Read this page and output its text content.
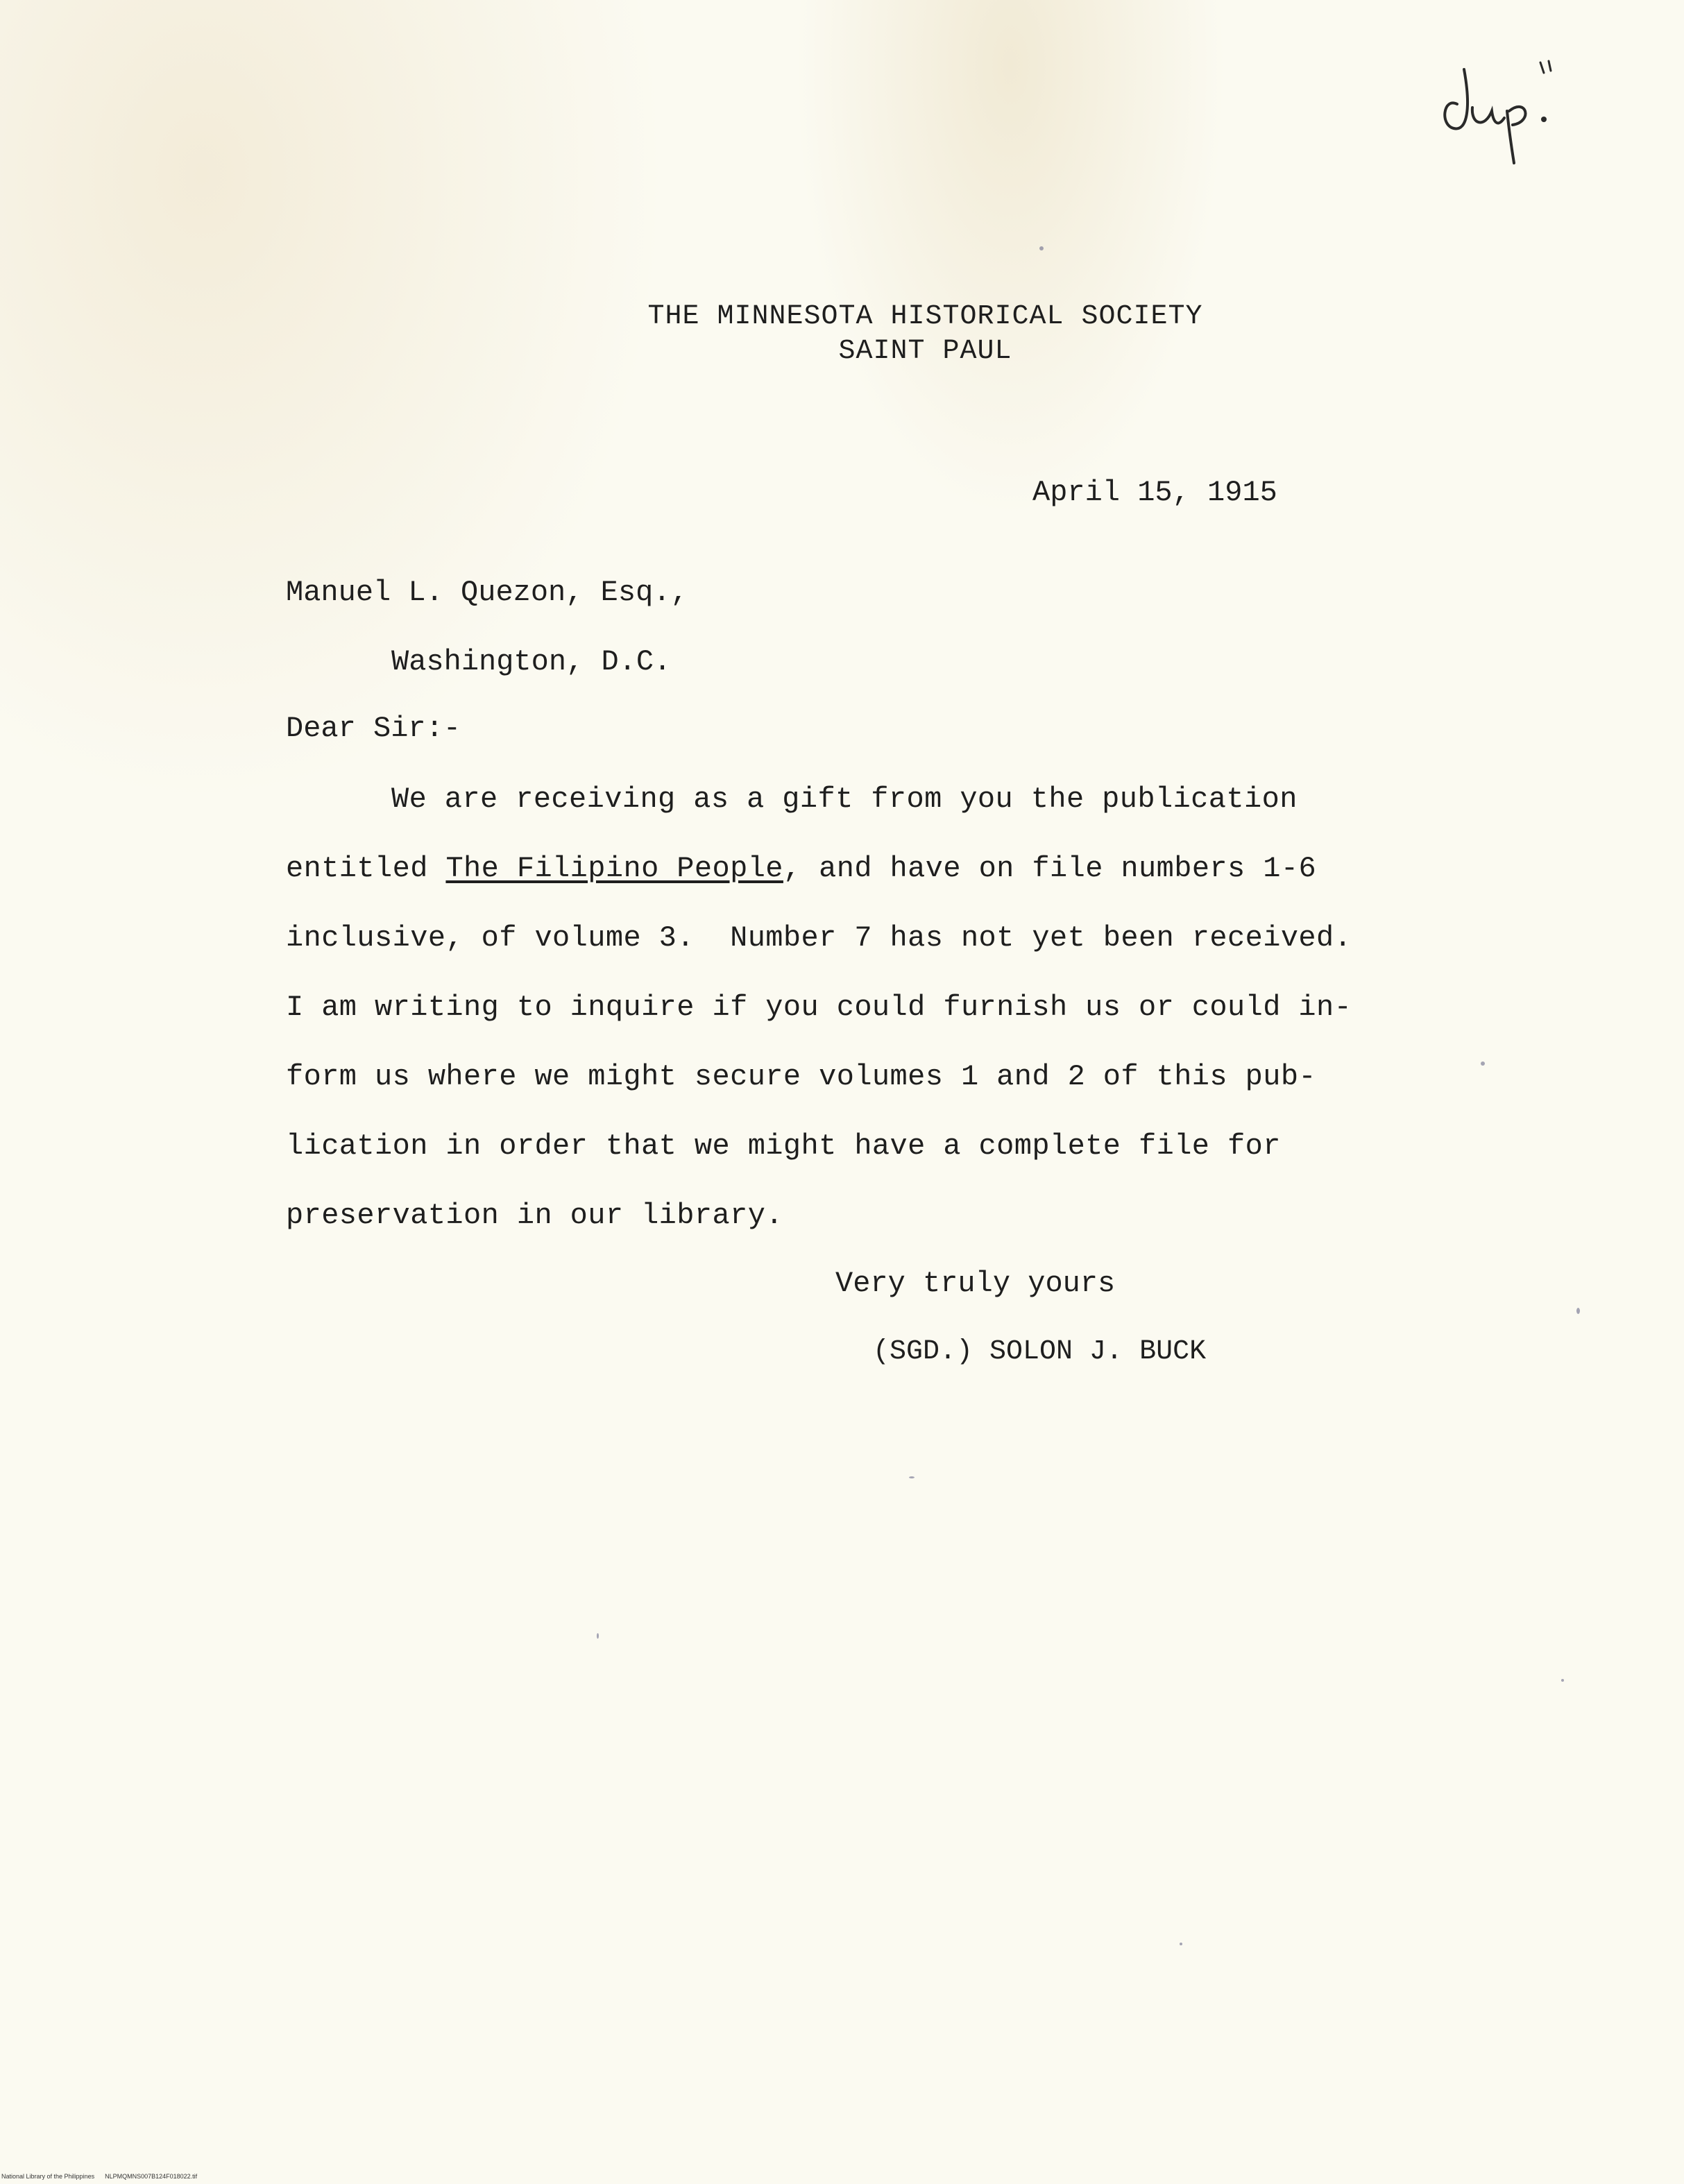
THE MINNESOTA HISTORICAL SOCIETY
SAINT PAUL
April 15, 1915
Manuel L. Quezon, Esq.,
Washington, D.C.
Dear Sir:-
We are receiving as a gift from you the publication
entitled The Filipino People, and have on file numbers 1-6
inclusive, of volume 3.  Number 7 has not yet been received.
I am writing to inquire if you could furnish us or could in-
form us where we might secure volumes 1 and 2 of this pub-
lication in order that we might have a complete file for
preservation in our library.
Very truly yours
(SGD.) SOLON J. BUCK
National Library of the Philippines NLPMQMNS007B124F018022.tif
